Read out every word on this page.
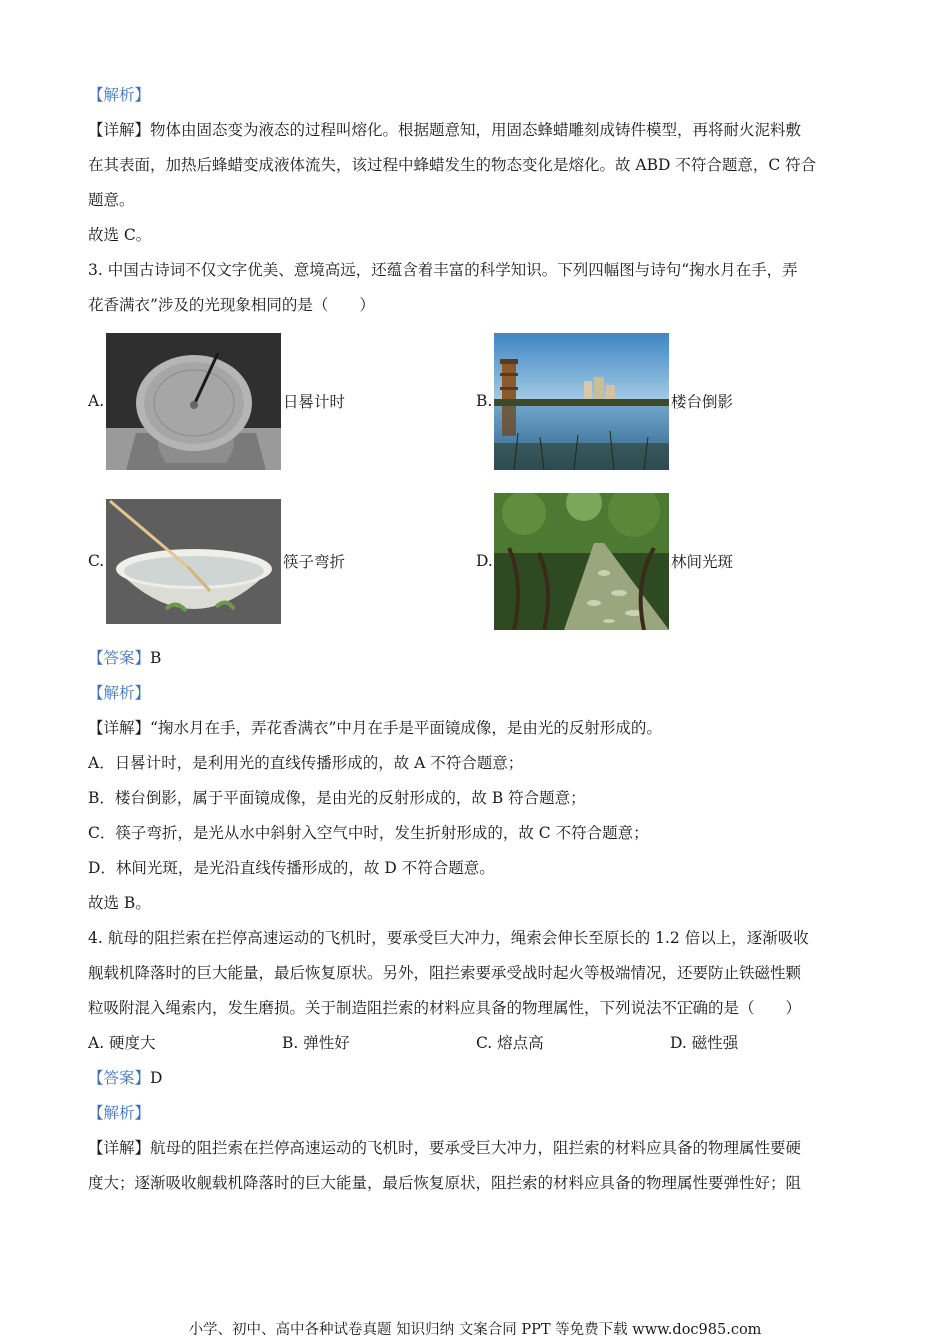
【解析】
【详解】物体由固态变为液态的过程叫熔化。根据题意知，用固态蜂蜡雕刻成铸件模型，再将耐火泥料敷
在其表面，加热后蜂蜡变成液体流失，该过程中蜂蜡发生的物态变化是熔化。故 ABD 不符合题意，C 符合
题意。
故选 C。
3. 中国古诗词不仅文字优美、意境高远，还蕴含着丰富的科学知识。下列四幅图与诗句“掬水月在手，弄
花香满衣”涉及的光现象相同的是（　　）
A.	日晷计时	B.	楼台倒影
C.	筷子弯折	D.	林间光斑
【答案】B
【解析】
【详解】“掬水月在手，弄花香满衣”中月在手是平面镜成像，是由光的反射形成的。
A．日晷计时，是利用光的直线传播形成的，故 A 不符合题意；
B．楼台倒影，属于平面镜成像，是由光的反射形成的，故 B 符合题意；
C．筷子弯折，是光从水中斜射入空气中时，发生折射形成的，故 C 不符合题意；
D．林间光斑，是光沿直线传播形成的，故 D 不符合题意。
故选 B。
4. 航母的阻拦索在拦停高速运动的飞机时，要承受巨大冲力，绳索会伸长至原长的 1.2 倍以上，逐渐吸收
舰载机降落时的巨大能量，最后恢复原状。另外，阻拦索要承受战时起火等极端情况，还要防止铁磁性颗
粒吸附混入绳索内，发生磨损。关于制造阻拦索的材料应具备的物理属性，下列说法· · · 不正确的是（　　）
A. 硬度大	B. 弹性好	C. 熔点高	D. 磁性强
【答案】D
【解析】
【详解】航母的阻拦索在拦停高速运动的飞机时，要承受巨大冲力，阻拦索的材料应具备的物理属性要硬
度大；逐渐吸收舰载机降落时的巨大能量，最后恢复原状，阻拦索的材料应具备的物理属性要弹性好；阻
小学、初中、高中各种试卷真题 知识归纳 文案合同 PPT 等免费下载 www.doc985.com
